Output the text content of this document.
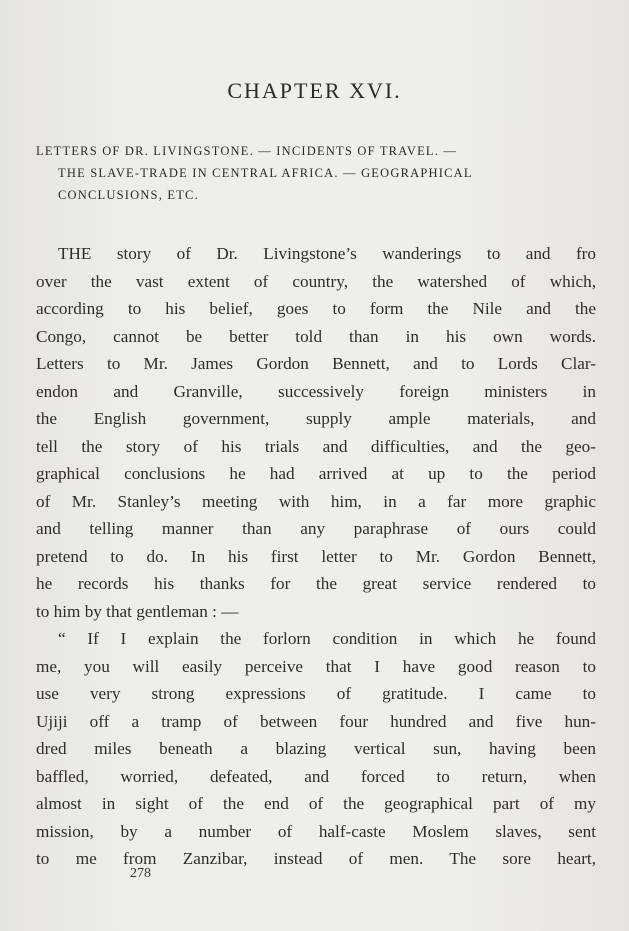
CHAPTER XVI.
LETTERS OF DR. LIVINGSTONE. — INCIDENTS OF TRAVEL. —
THE SLAVE-TRADE IN CENTRAL AFRICA. — GEOGRAPHICAL
CONCLUSIONS, ETC.
THE story of Dr. Livingstone’s wanderings to and fro
over the vast extent of country, the watershed of which,
according to his belief, goes to form the Nile and the
Congo, cannot be better told than in his own words.
Letters to Mr. James Gordon Bennett, and to Lords Clar-
endon and Granville, successively foreign ministers in
the English government, supply ample materials, and
tell the story of his trials and difficulties, and the geo-
graphical conclusions he had arrived at up to the period
of Mr. Stanley’s meeting with him, in a far more graphic
and telling manner than any paraphrase of ours could
pretend to do. In his first letter to Mr. Gordon Bennett,
he records his thanks for the great service rendered to
to him by that gentleman : —
“ If I explain the forlorn condition in which he found
me, you will easily perceive that I have good reason to
use very strong expressions of gratitude. I came to
Ujiji off a tramp of between four hundred and five hun-
dred miles beneath a blazing vertical sun, having been
baffled, worried, defeated, and forced to return, when
almost in sight of the end of the geographical part of my
mission, by a number of half-caste Moslem slaves, sent
to me from Zanzibar, instead of men. The sore heart,
278
